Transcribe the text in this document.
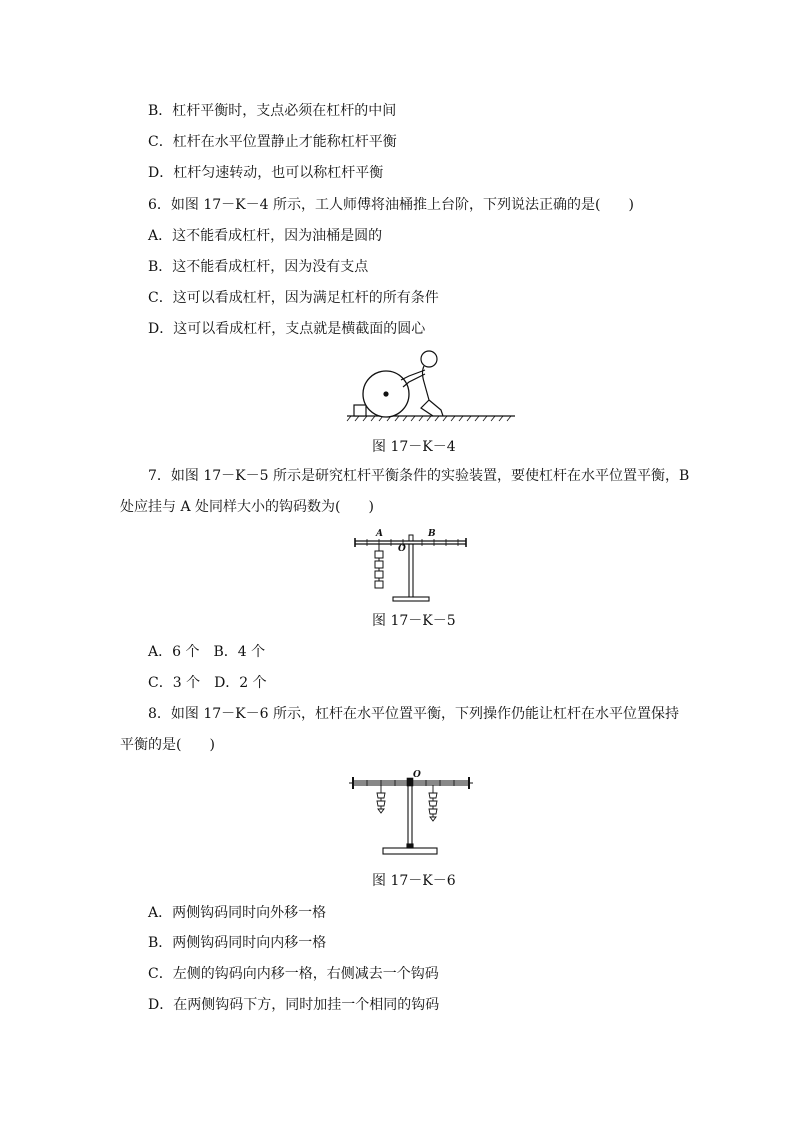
B．杠杆平衡时，支点必须在杠杆的中间
C．杠杆在水平位置静止才能称杠杆平衡
D．杠杆匀速转动，也可以称杠杆平衡
6．如图 17－K－4 所示，工人师傅将油桶推上台阶，下列说法正确的是(　　)
A．这不能看成杠杆，因为油桶是圆的
B．这不能看成杠杆，因为没有支点
C．这可以看成杠杆，因为满足杠杆的所有条件
D．这可以看成杠杆，支点就是横截面的圆心
图 17－K－4
7．如图 17－K－5 所示是研究杠杆平衡条件的实验装置，要使杠杆在水平位置平衡，B
处应挂与 A 处同样大小的钩码数为(　　)
A	B
O
图 17－K－5
A．6 个　B．4 个
C．3 个　D．2 个
8．如图 17－K－6 所示，杠杆在水平位置平衡，下列操作仍能让杠杆在水平位置保持
平衡的是(　　)
O
图 17－K－6
A．两侧钩码同时向外移一格
B．两侧钩码同时向内移一格
C．左侧的钩码向内移一格，右侧减去一个钩码
D．在两侧钩码下方，同时加挂一个相同的钩码
